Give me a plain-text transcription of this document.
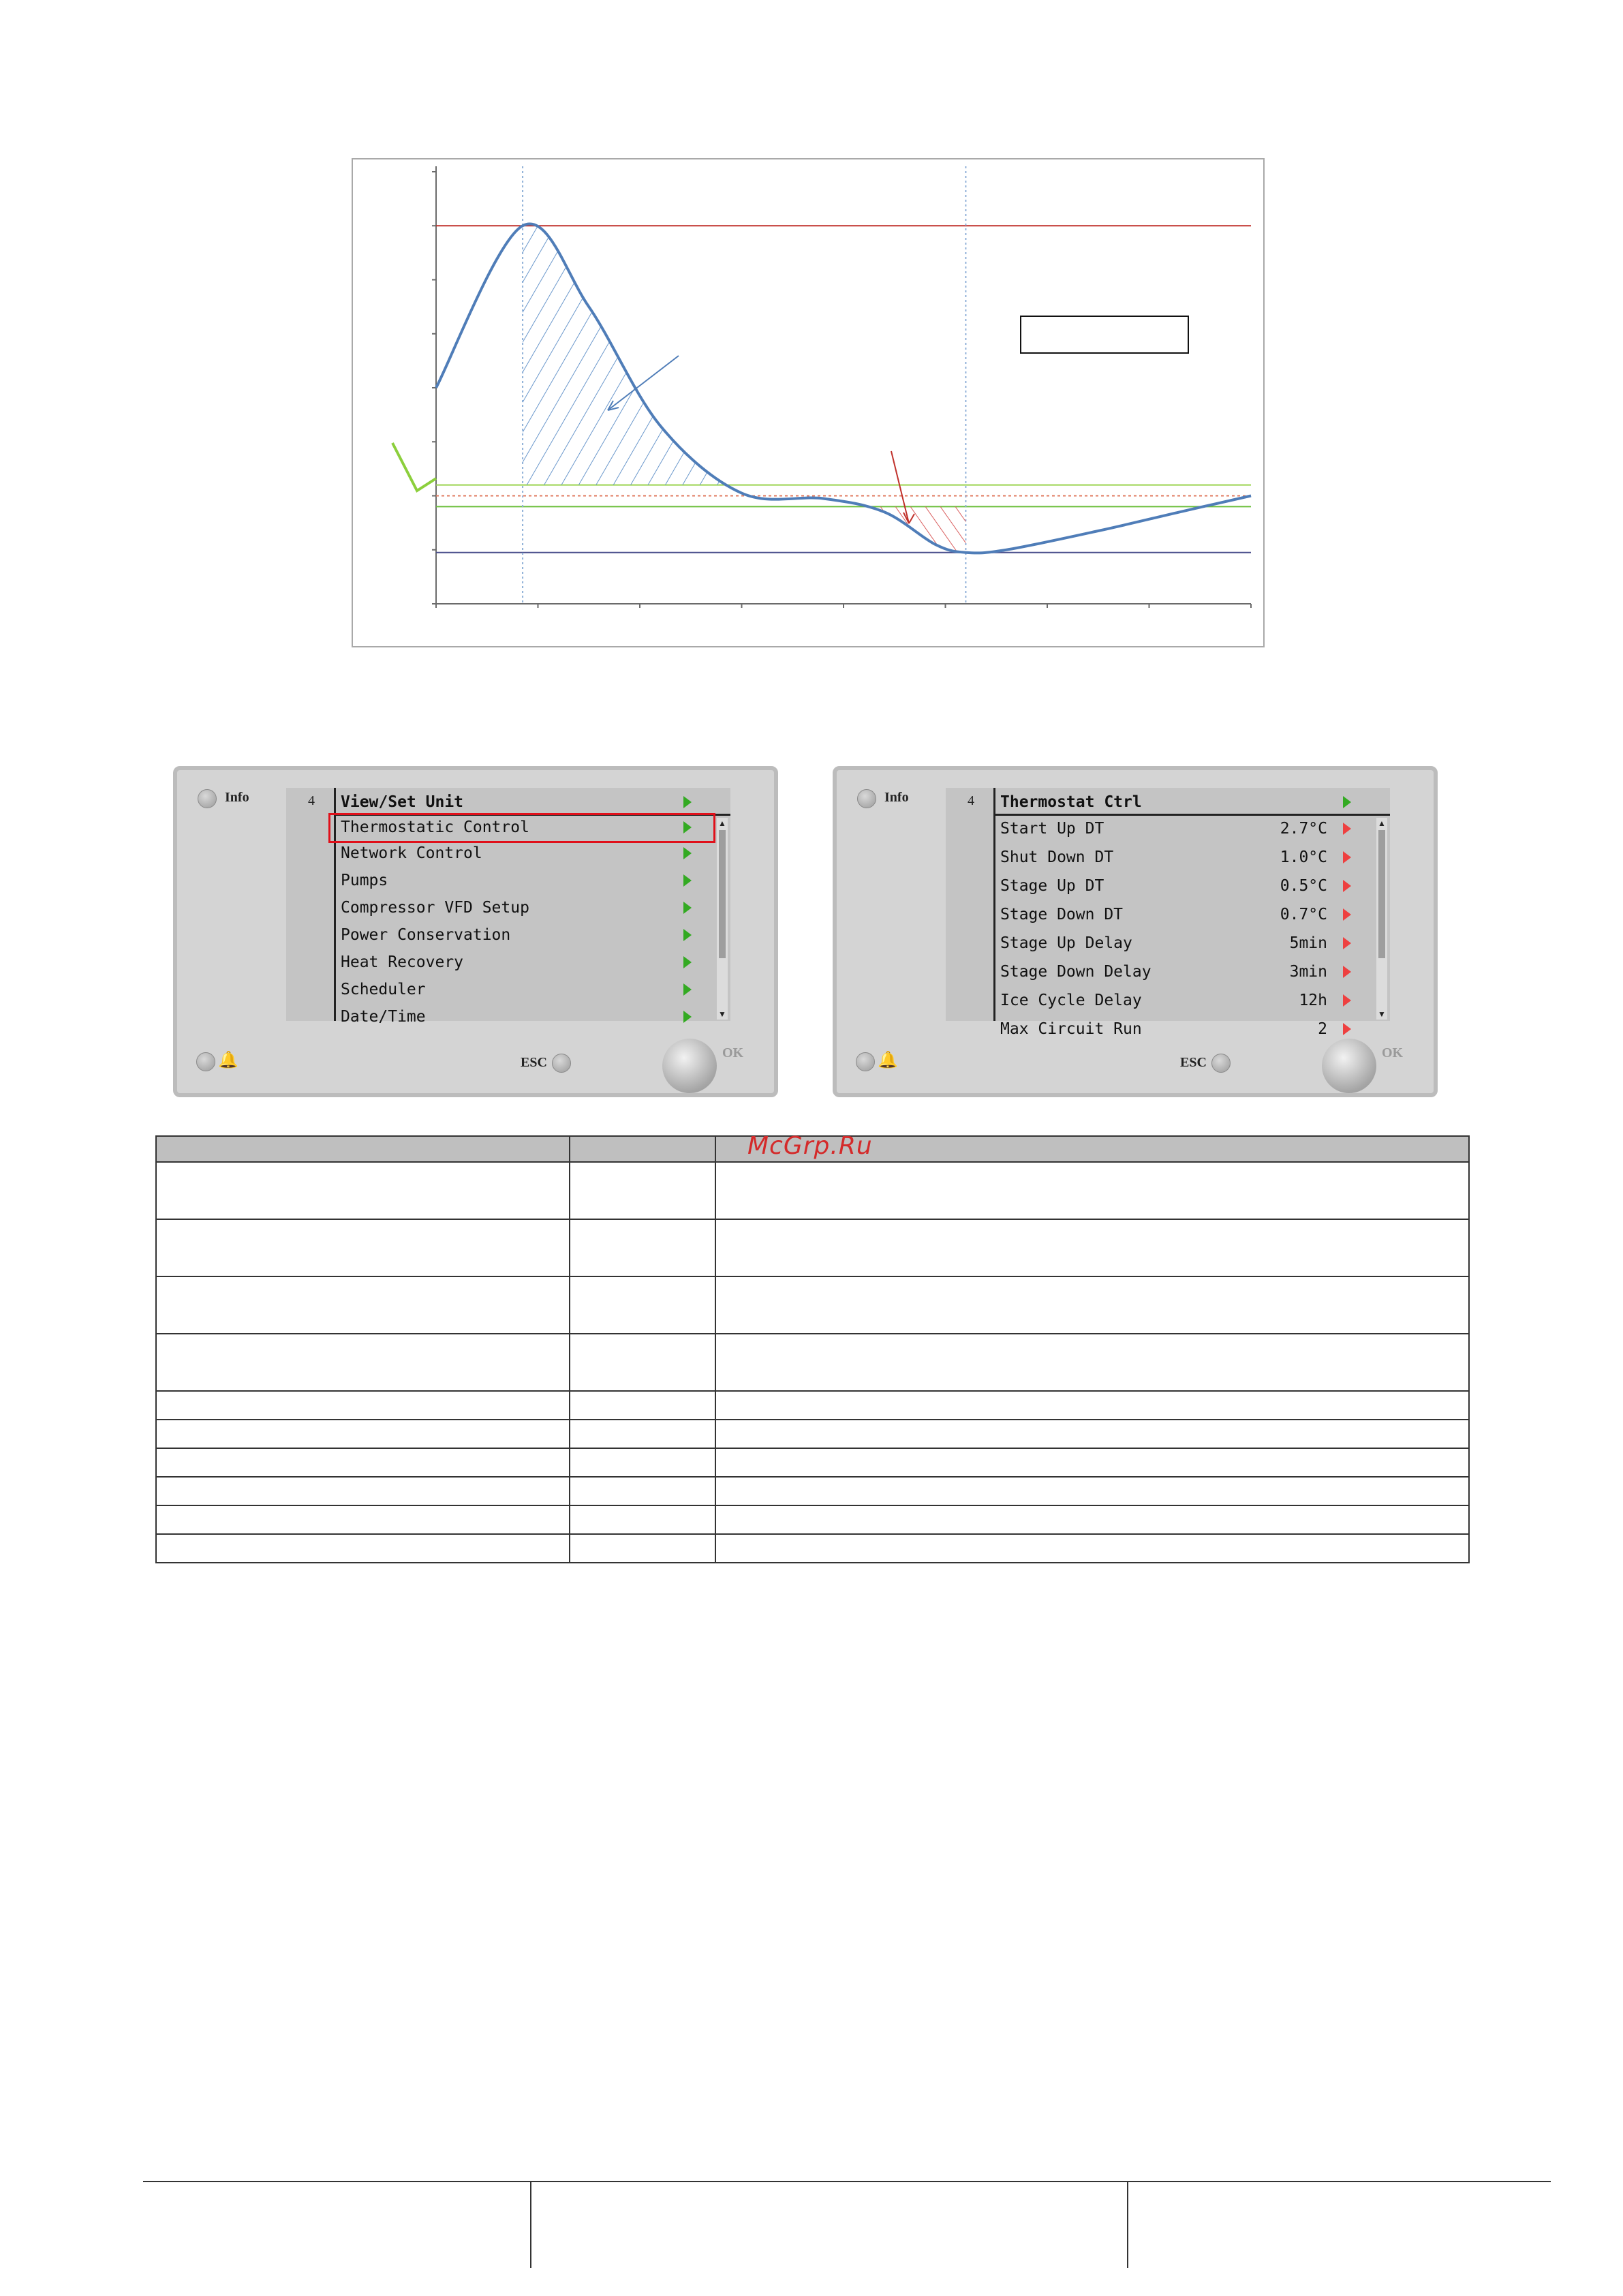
Info	4	View/Set Unit
Thermostatic Control
Network Control
Pumps
Compressor VFD Setup
Power Conservation
Heat Recovery
Scheduler
Date/Time
▲
▼
🔔	ESC
OK
Info	4	Thermostat Ctrl
Start Up DT	2.7°C
Shut Down DT	1.0°C
Stage Up DT	0.5°C
Stage Down DT	0.7°C
Stage Up Delay	5min
Stage Down Delay	3min
Ice Cycle Delay	12h
Max Circuit Run	2
▲
▼
🔔	ESC
OK

McGrp.Ru
